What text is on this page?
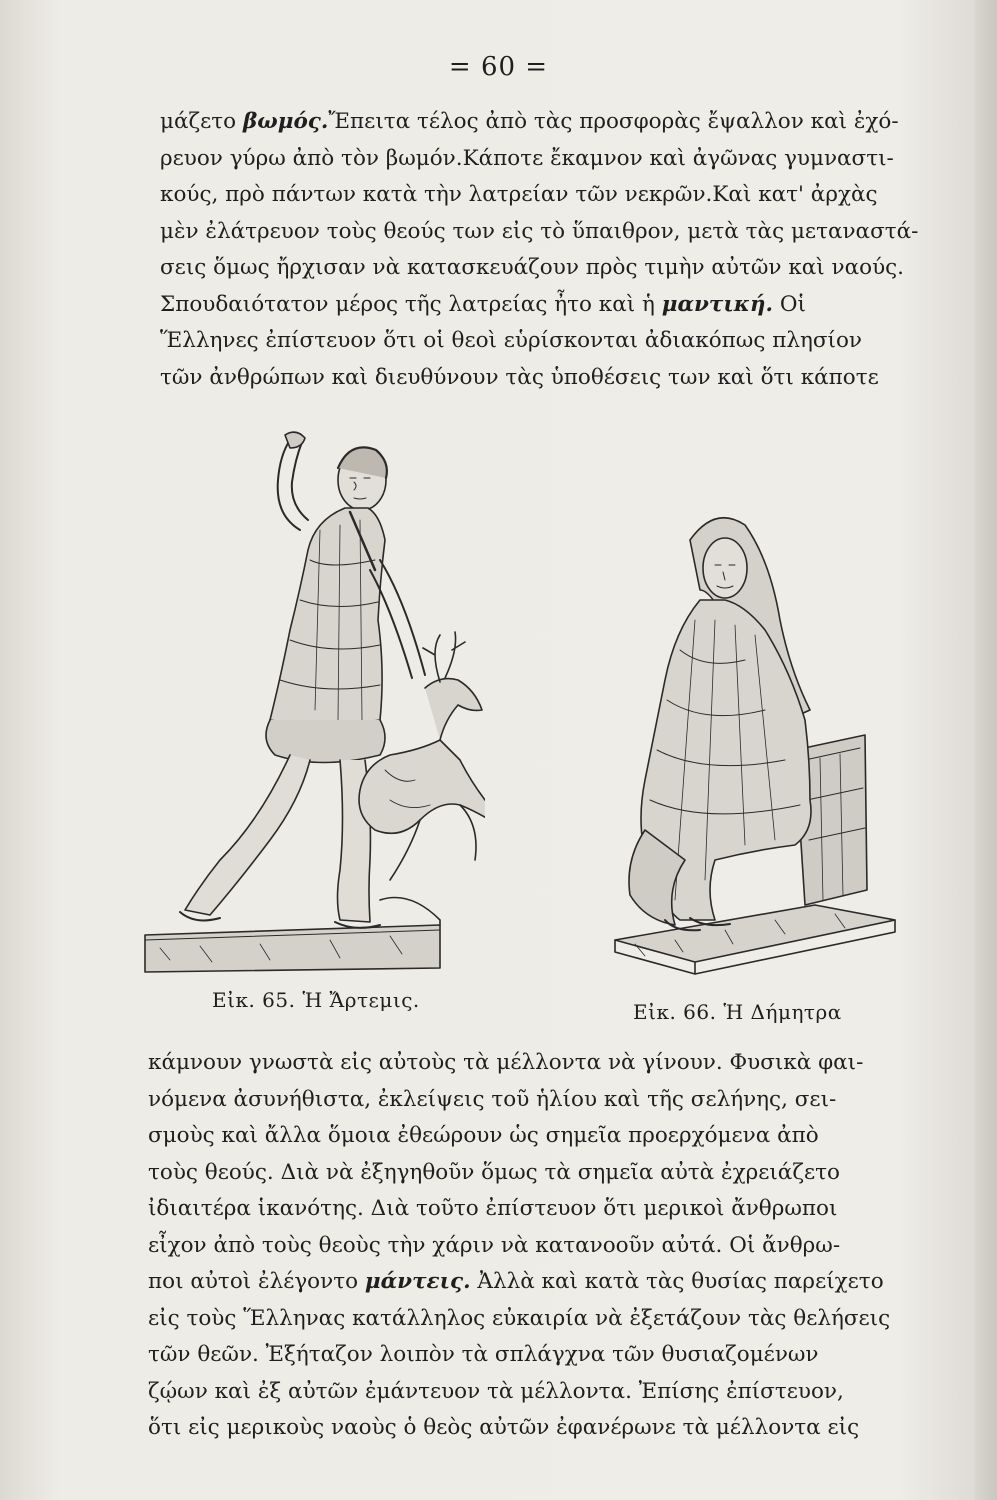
= 60 =

μάζετο βωμός.Ἔπειτα τέλος ἀπὸ τὰς προσφορὰς ἔψαλλον καὶ ἐχό-
ρευον γύρω ἀπὸ τὸν βωμόν.Κάποτε ἔκαμνον καὶ ἀγῶνας γυμναστι-
κούς, πρὸ πάντων κατὰ τὴν λατρείαν τῶν νεκρῶν.Καὶ κατ' ἀρχὰς
μὲν ἐλάτρευον τοὺς θεούς των εἰς τὸ ὕπαιθρον, μετὰ τὰς μεταναστά-
σεις ὅμως ἤρχισαν νὰ κατασκευάζουν πρὸς τιμὴν αὐτῶν καὶ ναούς.
Σπουδαιότατον μέρος τῆς λατρείας ἦτο καὶ ἡ μαντική. Οἱ
Ἕλληνες ἐπίστευον ὅτι οἱ θεοὶ εὑρίσκονται ἀδιακόπως πλησίον
τῶν ἀνθρώπων καὶ διευθύνουν τὰς ὑποθέσεις των καὶ ὅτι κάποτε

Εἰκ. 65. Ἡ Ἄρτεμις.	Εἰκ. 66. Ἡ Δήμητρα

κάμνουν γνωστὰ εἰς αὐτοὺς τὰ μέλλοντα νὰ γίνουν. Φυσικὰ φαι-
νόμενα ἀσυνήθιστα, ἐκλείψεις τοῦ ἡλίου καὶ τῆς σελήνης, σει-
σμοὺς καὶ ἄλλα ὅμοια ἐθεώρουν ὡς σημεῖα προερχόμενα ἀπὸ
τοὺς θεούς. Διὰ νὰ ἐξηγηθοῦν ὅμως τὰ σημεῖα αὐτὰ ἐχρειάζετο
ἰδιαιτέρα ἱκανότης. Διὰ τοῦτο ἐπίστευον ὅτι μερικοὶ ἄνθρωποι
εἶχον ἀπὸ τοὺς θεοὺς τὴν χάριν νὰ κατανοοῦν αὐτά. Οἱ ἄνθρω-
ποι αὐτοὶ ἐλέγοντο μάντεις. Ἀλλὰ καὶ κατὰ τὰς θυσίας παρείχετο
εἰς τοὺς Ἕλληνας κατάλληλος εὐκαιρία νὰ ἐξετάζουν τὰς θελήσεις
τῶν θεῶν. Ἐξήταζον λοιπὸν τὰ σπλάγχνα τῶν θυσιαζομένων
ζῴων καὶ ἐξ αὐτῶν ἐμάντευον τὰ μέλλοντα. Ἐπίσης ἐπίστευον,
ὅτι εἰς μερικοὺς ναοὺς ὁ θεὸς αὐτῶν ἐφανέρωνε τὰ μέλλοντα εἰς
